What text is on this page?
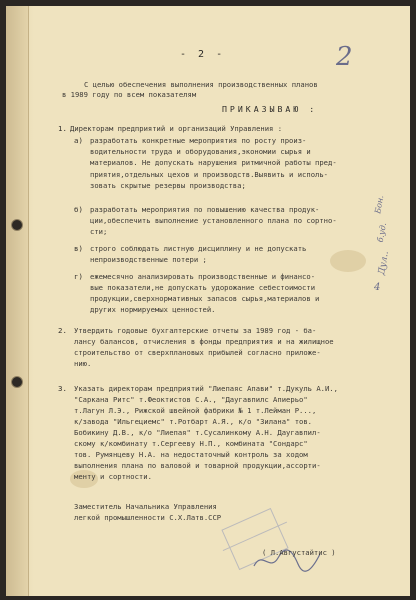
- 2 -	2
С целью обеспечения выполнения производственных планов
в 1989 году по всем показателям
ПРИКАЗЫВАЮ :
1. Директорам предприятий и организаций Управления :
а) разработать конкретные мероприятия по росту произ-
водительности труда и оборудования,экономии сырья и
материалов. Не допускать нарушения ритмичной работы пред-
приятия,отдельных цехов и производств.Выявить и исполь-
зовать скрытые резервы производства;
б) разработать мероприятия по повышению качества продук-
ции,обеспечить выполнение установленного плана по сортно-
сти;
в) строго соблюдать листную дисциплину и не допускать
непроизводственные потери ;
г) ежемесячно анализировать производственные и финансо-
вые показатели,не допускать удорожание себестоимости
продукции,сверхнормативных запасов сырья,материалов и
других нормируемых ценностей.
2. Утвердить годовые бухгалтерские отчеты за 1989 год - ба-
лансу балансов, отчисления в фонды предприятия и на жилищное
строительство от сверхплановых прибылей согласно приложе-
нию.
3. Указать директорам предприятий "Лиепаяс Апави" т.Дукуль А.И.,
"Сарканa Ритс" т.Феоктистов С.А., "Даугавпилс Апиерьо"
т.Лагун Л.Э., Рижской швейной фабрики № 1 т.Лейман Р...,
к/завода "Ильгециемс" т.Ротбарт А.Я., к/о "Зилана" тов.
Бобикину Д.В., к/о "Лиепая" т.Сусалинкому А.Н. Даугавпил-
скому к/комбинату т.Сергееву Н.П., комбината "Сондарс"
тов. Румянцеву Н.А. на недостаточный контроль за ходом
выполнения плана по валовой и товарной продукции,ассорти-
менту и сортности.
Заместитель Начальника Управления
легкой промышленности С.Х.Латв.ССР
( Л.Августайтис )
Бон.
б.уд.
Дул..
4
